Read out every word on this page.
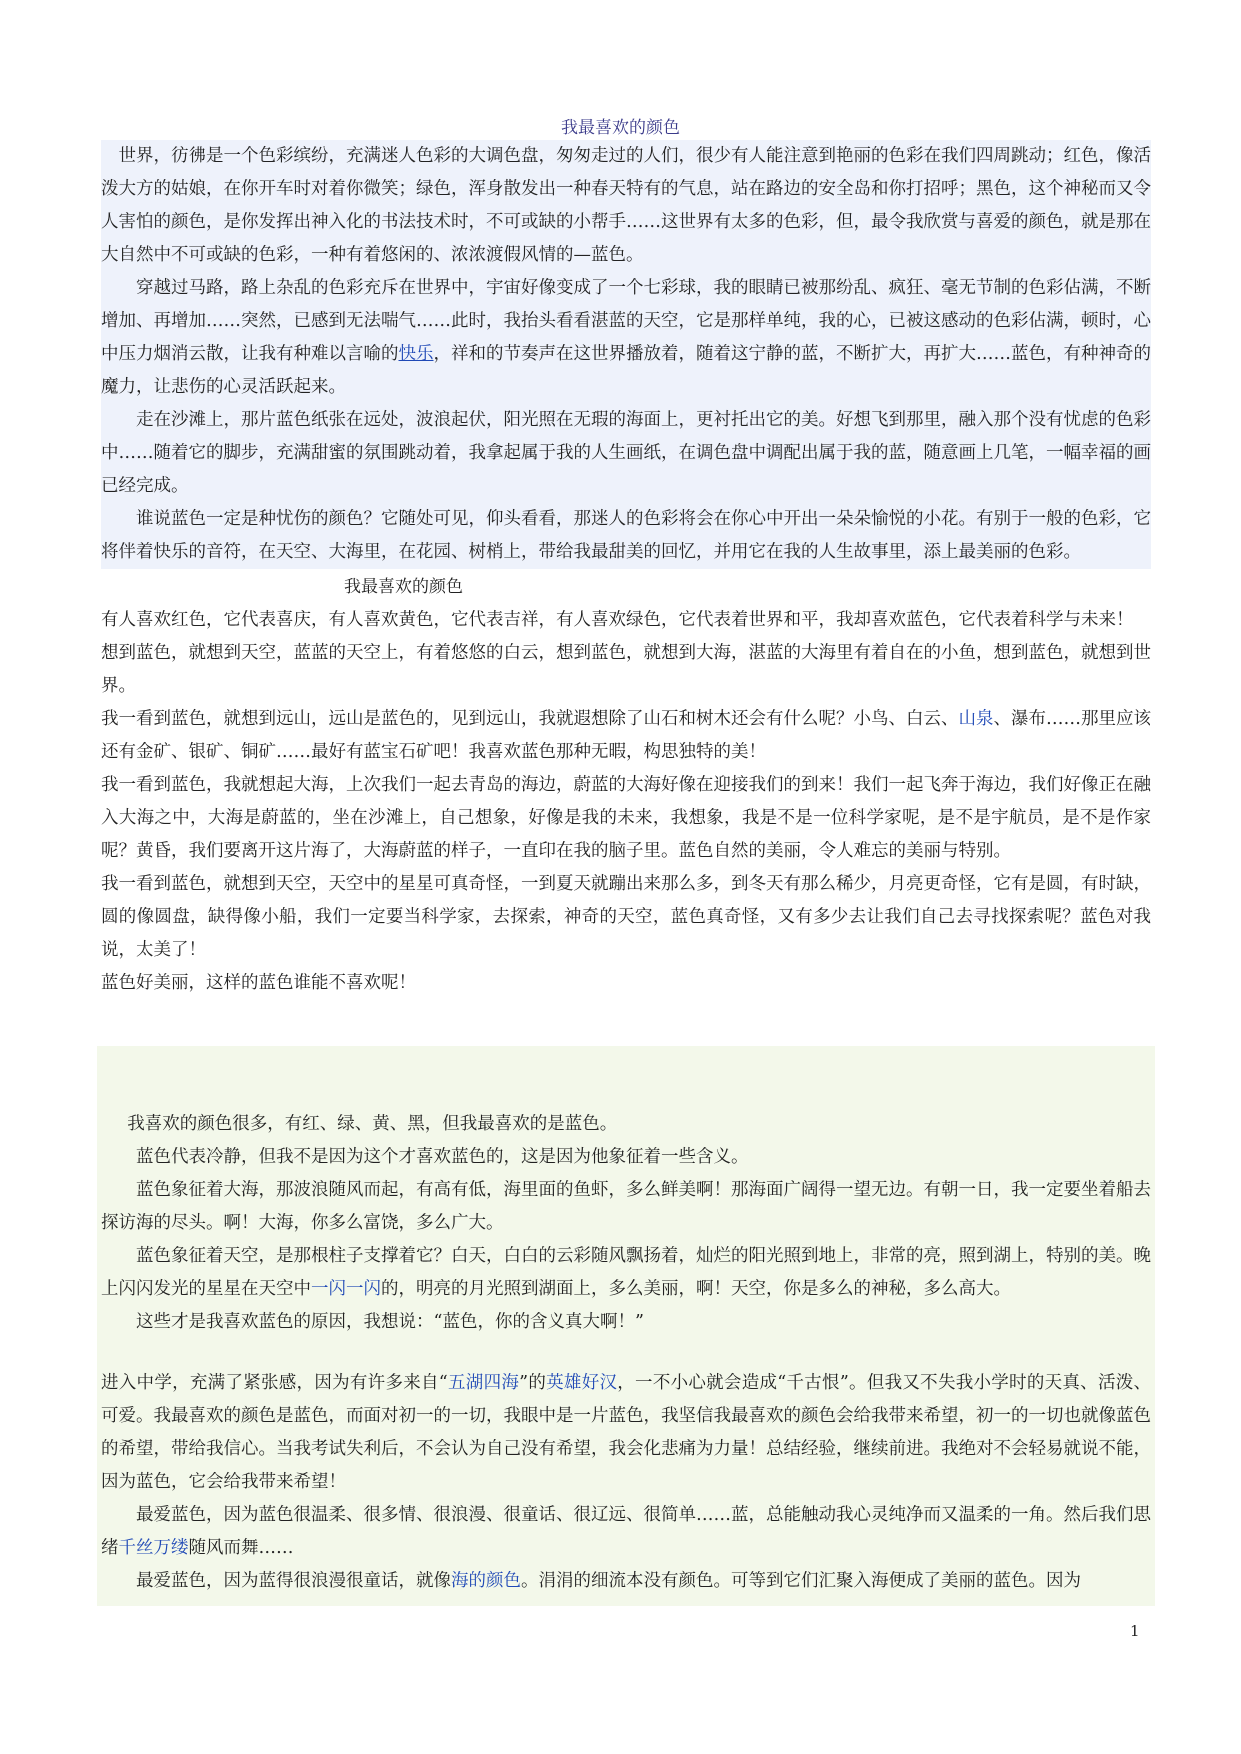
我最喜欢的颜色

世界，彷彿是一个色彩缤纷，充满迷人色彩的大调色盘，匆匆走过的人们，很少有人能注意到艳丽的色彩在我们四周跳动；红色，像活泼大方的姑娘，在你开车时对着你微笑；绿色，浑身散发出一种春天特有的气息，站在路边的安全岛和你打招呼；黑色，这个神秘而又令人害怕的颜色，是你发挥出神入化的书法技术时，不可或缺的小帮手……这世界有太多的色彩，但，最令我欣赏与喜爱的颜色，就是那在大自然中不可或缺的色彩，一种有着悠闲的、浓浓渡假风情的—蓝色。

穿越过马路，路上杂乱的色彩充斥在世界中，宇宙好像变成了一个七彩球，我的眼睛已被那纷乱、疯狂、毫无节制的色彩佔满，不断增加、再增加……突然，已感到无法喘气……此时，我抬头看看湛蓝的天空，它是那样单纯，我的心，已被这感动的色彩佔满，顿时，心中压力烟消云散，让我有种难以言喻的快乐，祥和的节奏声在这世界播放着，随着这宁静的蓝，不断扩大，再扩大……蓝色，有种神奇的魔力，让悲伤的心灵活跃起来。

走在沙滩上，那片蓝色纸张在远处，波浪起伏，阳光照在无瑕的海面上，更衬托出它的美。好想飞到那里，融入那个没有忧虑的色彩中……随着它的脚步，充满甜蜜的氛围跳动着，我拿起属于我的人生画纸，在调色盘中调配出属于我的蓝，随意画上几笔，一幅幸福的画已经完成。

谁说蓝色一定是种忧伤的颜色？它随处可见，仰头看看，那迷人的色彩将会在你心中开出一朵朵愉悦的小花。有别于一般的色彩，它将伴着快乐的音符，在天空、大海里，在花园、树梢上，带给我最甜美的回忆，并用它在我的人生故事里，添上最美丽的色彩。

我最喜欢的颜色

有人喜欢红色，它代表喜庆，有人喜欢黄色，它代表吉祥，有人喜欢绿色，它代表着世界和平，我却喜欢蓝色，它代表着科学与未来！

想到蓝色，就想到天空，蓝蓝的天空上，有着悠悠的白云，想到蓝色，就想到大海，湛蓝的大海里有着自在的小鱼，想到蓝色，就想到世界。

我一看到蓝色，就想到远山，远山是蓝色的，见到远山，我就遐想除了山石和树木还会有什么呢？小鸟、白云、山泉、瀑布……那里应该还有金矿、银矿、铜矿……最好有蓝宝石矿吧！我喜欢蓝色那种无暇，构思独特的美！

我一看到蓝色，我就想起大海，上次我们一起去青岛的海边，蔚蓝的大海好像在迎接我们的到来！我们一起飞奔于海边，我们好像正在融入大海之中，大海是蔚蓝的，坐在沙滩上，自己想象，好像是我的未来，我想象，我是不是一位科学家呢，是不是宇航员，是不是作家呢？黄昏，我们要离开这片海了，大海蔚蓝的样子，一直印在我的脑子里。蓝色自然的美丽，令人难忘的美丽与特别。

我一看到蓝色，就想到天空，天空中的星星可真奇怪，一到夏天就蹦出来那么多，到冬天有那么稀少，月亮更奇怪，它有是圆，有时缺，圆的像圆盘，缺得像小船，我们一定要当科学家，去探索，神奇的天空，蓝色真奇怪，又有多少去让我们自己去寻找探索呢？蓝色对我说，太美了！

蓝色好美丽，这样的蓝色谁能不喜欢呢！

我喜欢的颜色很多，有红、绿、黄、黑，但我最喜欢的是蓝色。

蓝色代表冷静，但我不是因为这个才喜欢蓝色的，这是因为他象征着一些含义。

蓝色象征着大海，那波浪随风而起，有高有低，海里面的鱼虾，多么鲜美啊！那海面广阔得一望无边。有朝一日，我一定要坐着船去探访海的尽头。啊！大海，你多么富饶，多么广大。

蓝色象征着天空，是那根柱子支撑着它？白天，白白的云彩随风飘扬着，灿烂的阳光照到地上，非常的亮，照到湖上，特别的美。晚上闪闪发光的星星在天空中一闪一闪的，明亮的月光照到湖面上，多么美丽，啊！天空，你是多么的神秘，多么高大。

这些才是我喜欢蓝色的原因，我想说：“蓝色，你的含义真大啊！”

进入中学，充满了紧张感，因为有许多来自“五湖四海”的英雄好汉，一不小心就会造成“千古恨”。但我又不失我小学时的天真、活泼、可爱。我最喜欢的颜色是蓝色，而面对初一的一切，我眼中是一片蓝色，我坚信我最喜欢的颜色会给我带来希望，初一的一切也就像蓝色的希望，带给我信心。当我考试失利后，不会认为自己没有希望，我会化悲痛为力量！总结经验，继续前进。我绝对不会轻易就说不能，因为蓝色，它会给我带来希望！

最爱蓝色，因为蓝色很温柔、很多情、很浪漫、很童话、很辽远、很简单……蓝，总能触动我心灵纯净而又温柔的一角。然后我们思绪千丝万缕随风而舞……

最爱蓝色，因为蓝得很浪漫很童话，就像海的颜色。涓涓的细流本没有颜色。可等到它们汇聚入海便成了美丽的蓝色。因为

1
